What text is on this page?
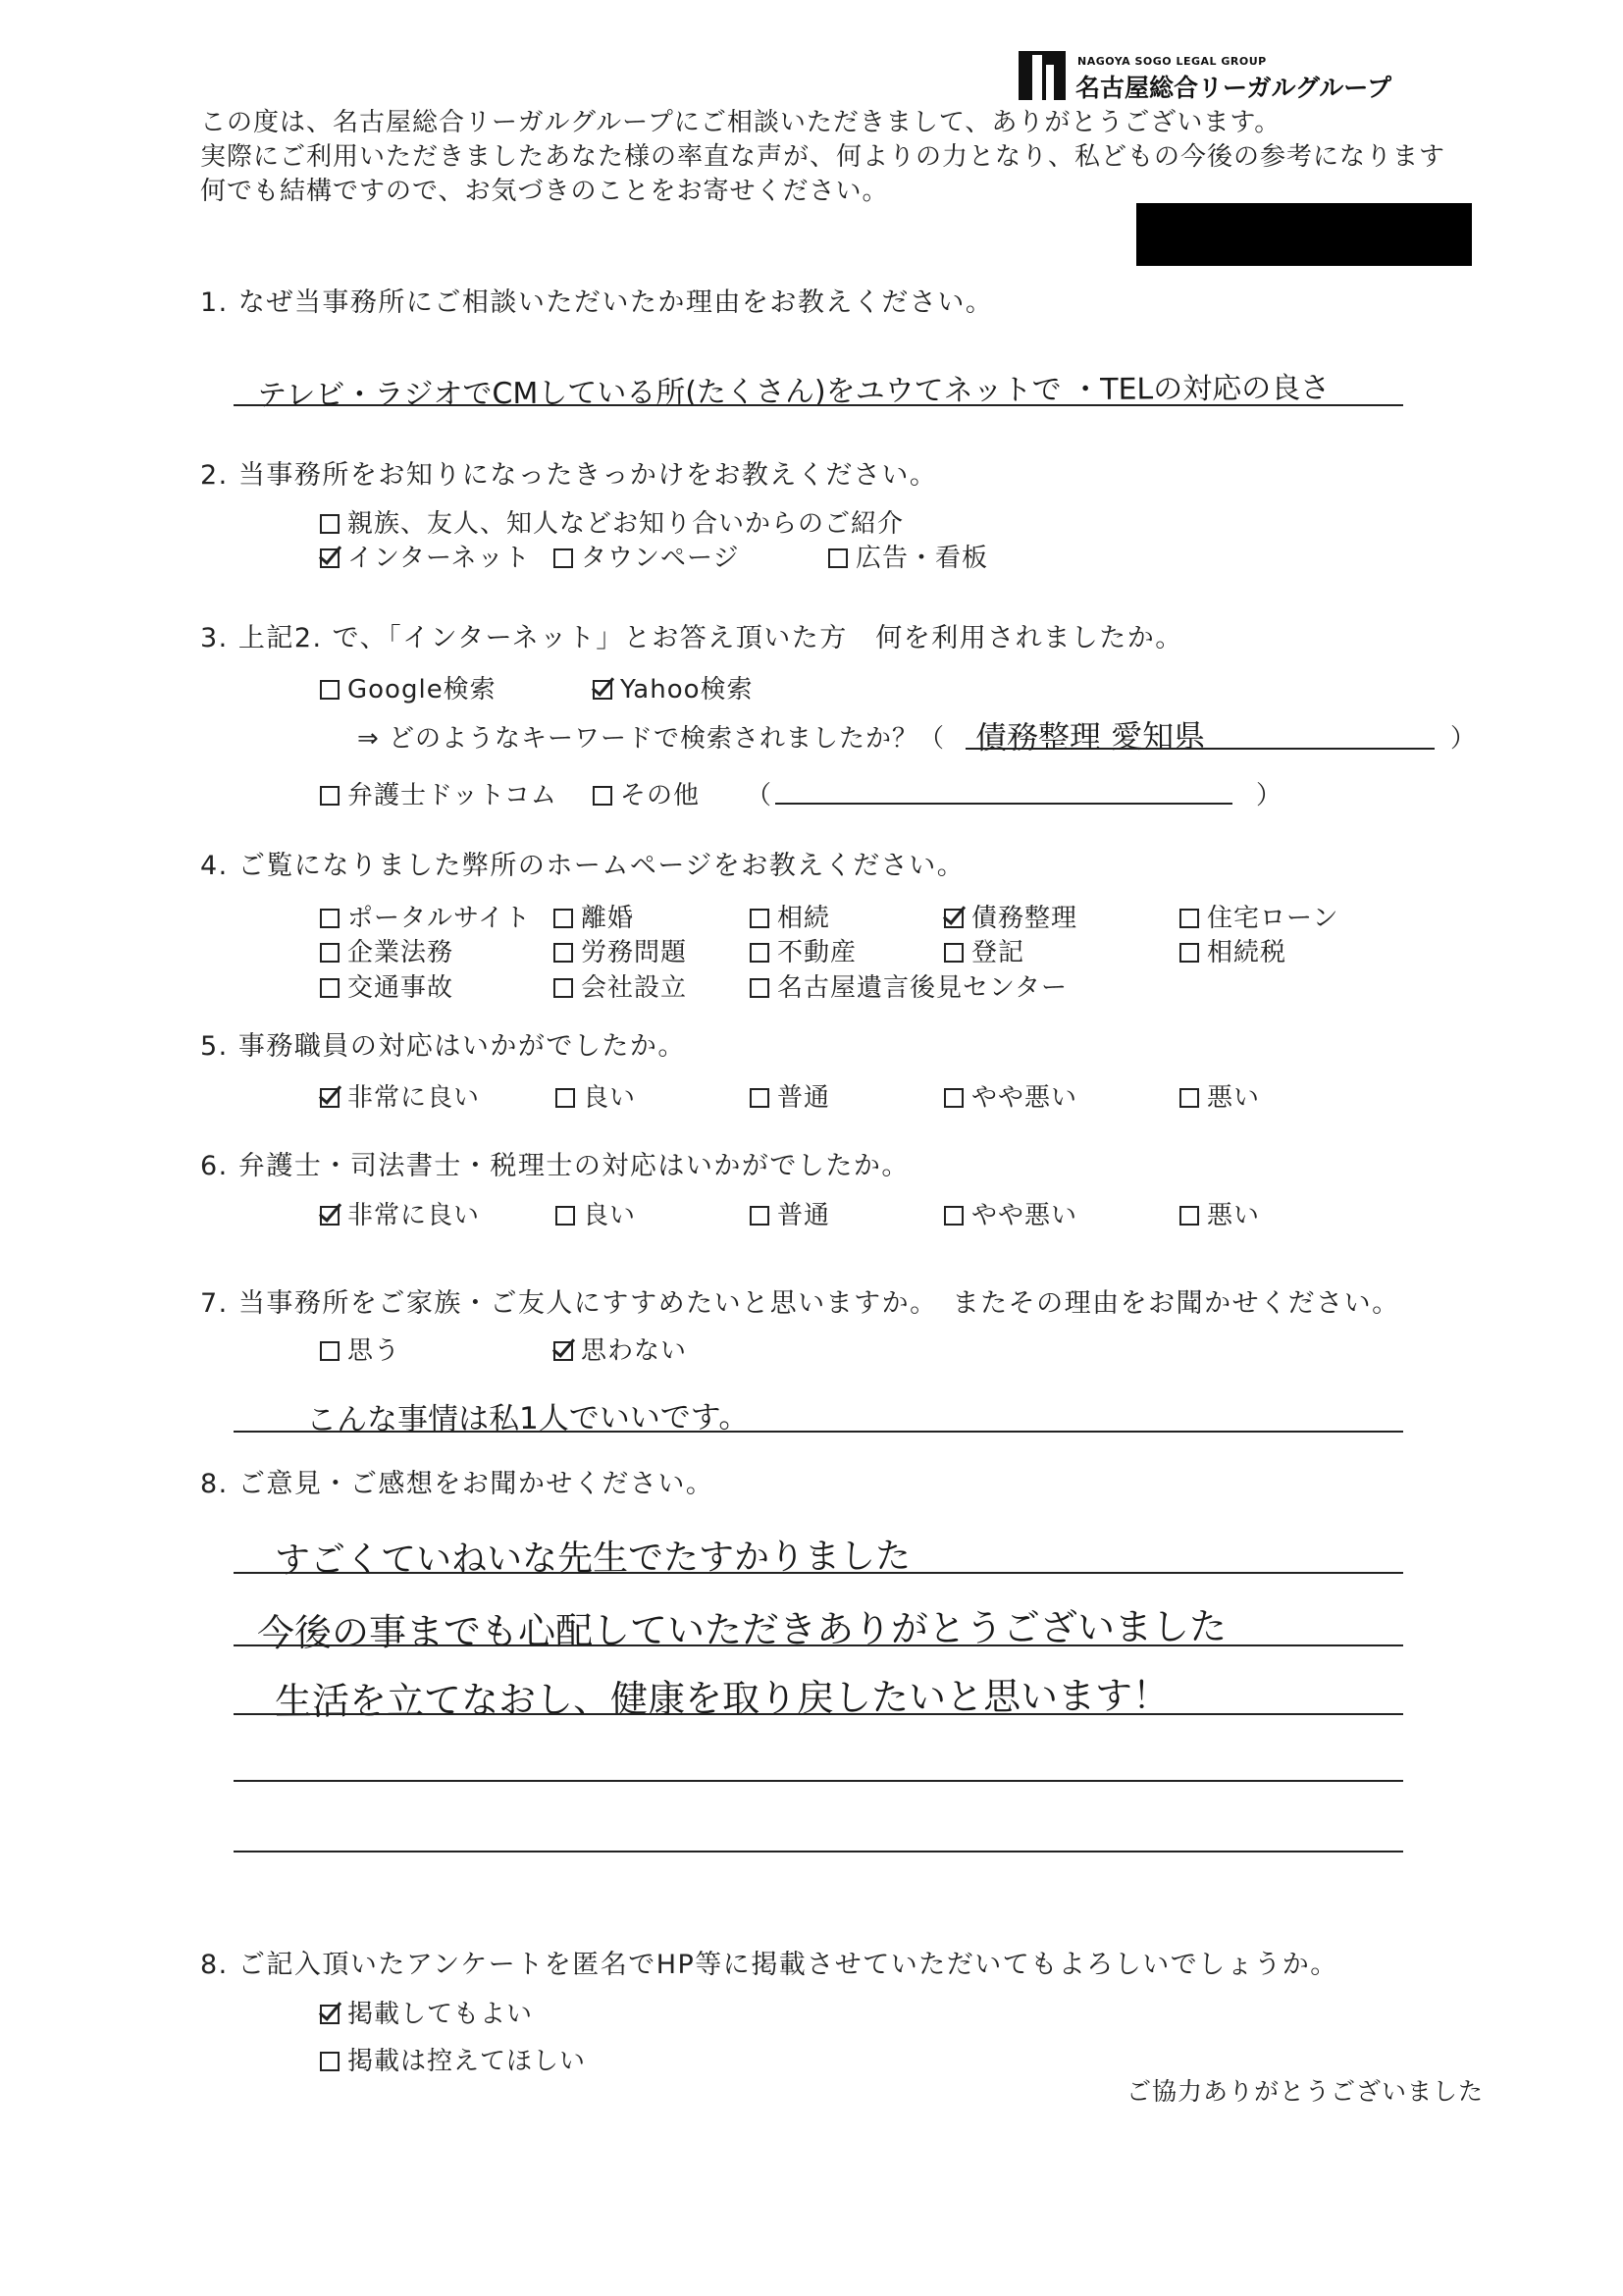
NAGOYA SOGO LEGAL GROUP
名古屋総合リーガルグループ
この度は、名古屋総合リーガルグループにご相談いただきまして、ありがとうございます。
実際にご利用いただきましたあなた様の率直な声が、何よりの力となり、私どもの今後の参考になります
何でも結構ですので、お気づきのことをお寄せください。
1. なぜ当事務所にご相談いただいたか理由をお教えください。
テレビ・ラジオでCMしている所(たくさん)をユウてネットで ・TELの対応の良さ
2. 当事務所をお知りになったきっかけをお教えください。
親族、友人、知人などお知り合いからのご紹介
インターネット	タウンページ	広告・看板
3. 上記2. で、「インターネット」とお答え頂いた方　何を利用されましたか。
Google検索	Yahoo検索
⇒ どのようなキーワードで検索されましたか？（ 債務整理 愛知県	）
弁護士ドットコム	その他 （	）
4. ご覧になりました弊所のホームページをお教えください。
ポータルサイト	離婚	相続	債務整理	住宅ローン
企業法務	労務問題	不動産	登記	相続税
交通事故	会社設立	名古屋遺言後見センター
5. 事務職員の対応はいかがでしたか。
非常に良い	良い	普通	やや悪い	悪い
6. 弁護士・司法書士・税理士の対応はいかがでしたか。
非常に良い	良い	普通	やや悪い	悪い
7. 当事務所をご家族・ご友人にすすめたいと思いますか。　またその理由をお聞かせください。
思う	思わない
こんな事情は私1人でいいです。
8. ご意見・ご感想をお聞かせください。
すごくていねいな先生でたすかりました
今後の事までも心配していただきありがとうございました
生活を立てなおし、健康を取り戻したいと思います！
8. ご記入頂いたアンケートを匿名でHP等に掲載させていただいてもよろしいでしょうか。
掲載してもよい
掲載は控えてほしい
ご協力ありがとうございました
